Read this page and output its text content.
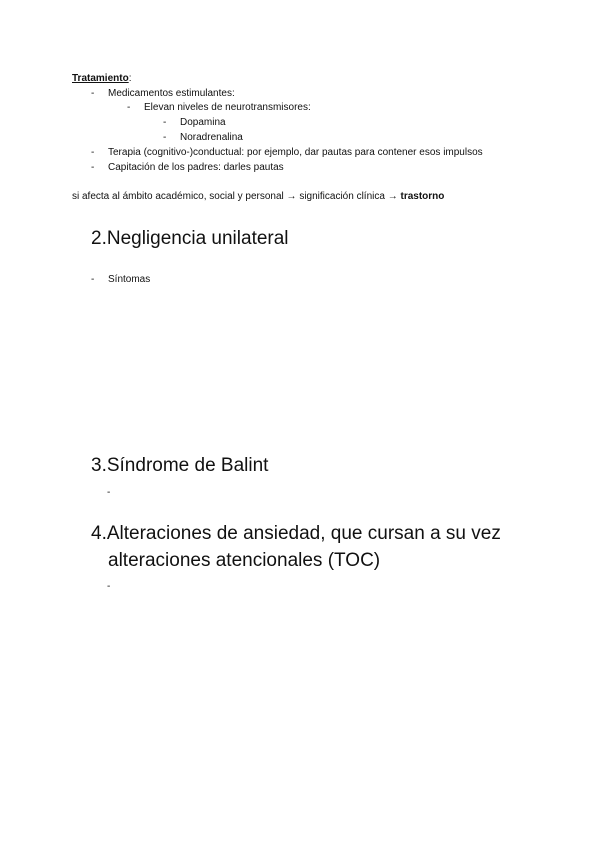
Tratamiento:
- Medicamentos estimulantes:
- Elevan niveles de neurotransmisores:
- Dopamina
- Noradrenalina
- Terapia (cognitivo-)conductual: por ejemplo, dar pautas para contener esos impulsos
- Capitación de los padres: darles pautas
si afecta al ámbito académico, social y personal → significación clínica → trastorno
2.Negligencia unilateral
- Síntomas
3.Síndrome de Balint
-
4.Alteraciones de ansiedad, que cursan a su vez
alteraciones atencionales (TOC)
-
